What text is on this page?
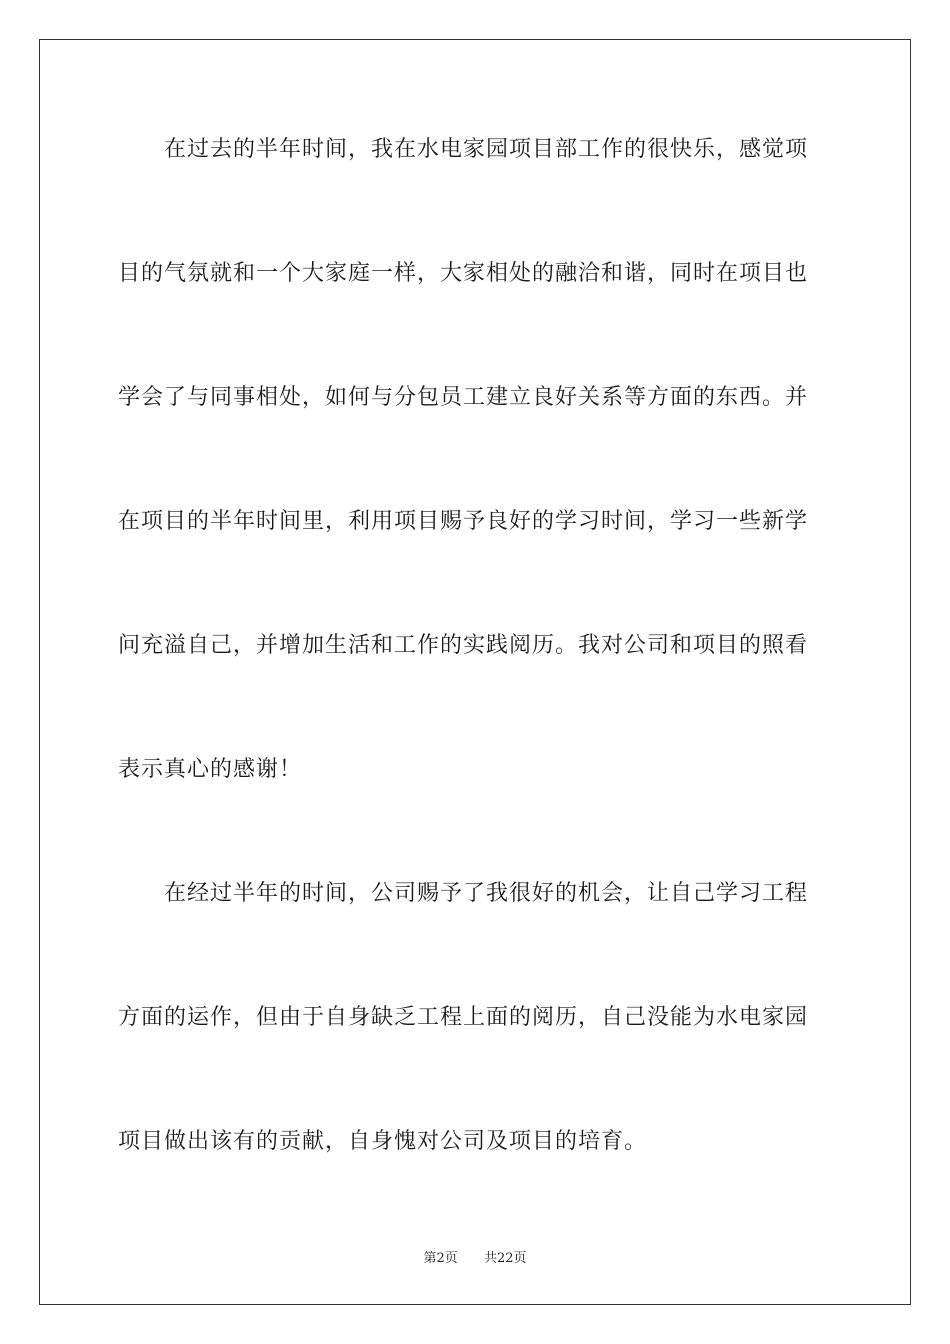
　　在过去的半年时间，我在水电家园项目部工作的很快乐，感觉项
目的气氛就和一个大家庭一样，大家相处的融洽和谐，同时在项目也
学会了与同事相处，如何与分包员工建立良好关系等方面的东西。并
在项目的半年时间里，利用项目赐予良好的学习时间，学习一些新学
问充溢自己，并增加生活和工作的实践阅历。我对公司和项目的照看
表示真心的感谢！
　　在经过半年的时间，公司赐予了我很好的机会，让自己学习工程
方面的运作，但由于自身缺乏工程上面的阅历，自己没能为水电家园
项目做出该有的贡献，自身愧对公司及项目的培育。
第2页 共22页
